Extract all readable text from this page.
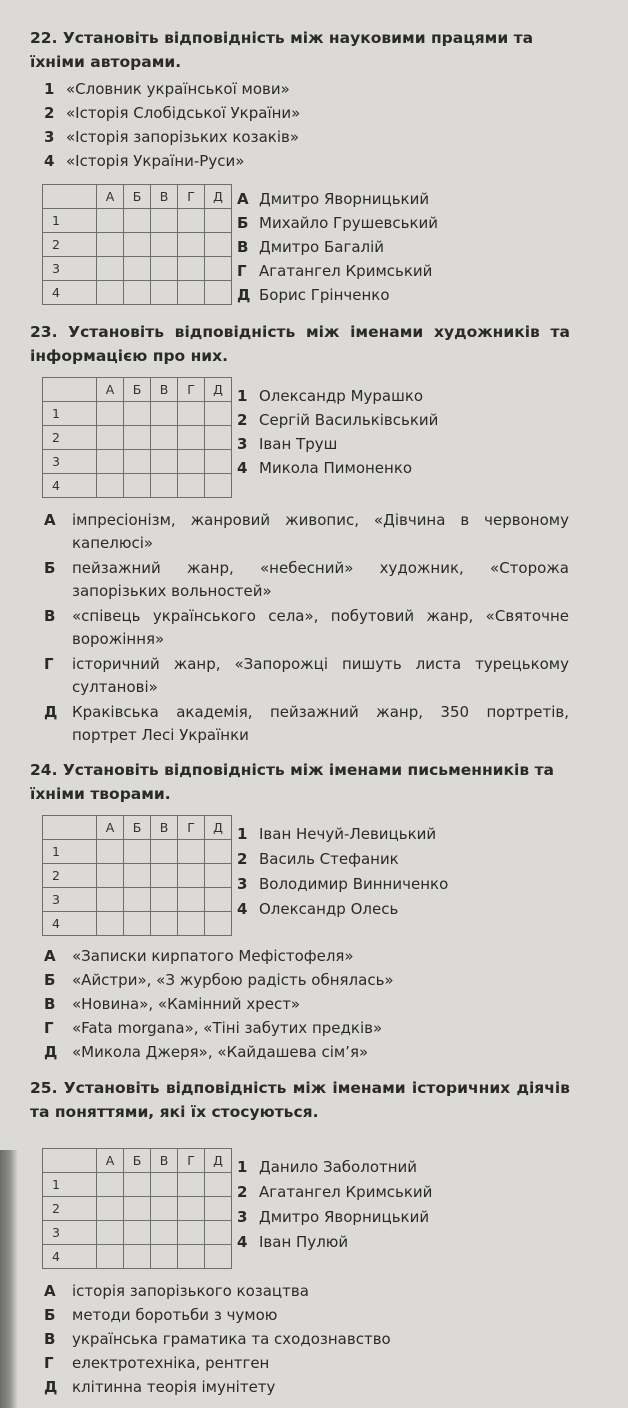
22. Установіть відповідність між науковими працями та їхніми авторами.
1 «Словник української мови»
2 «Історія Слобідської України»
3 «Історія запорізьких козаків»
4 «Історія України-Руси»
	А	Б	В	Г	Д
1					
2					
3					
4					
А Дмитро Яворницький
Б Михайло Грушевський
В Дмитро Багалій
Г Агатангел Кримський
Д Борис Грінченко
23. Установіть відповідність між іменами художників та інформацією про них.
	А	Б	В	Г	Д
1					
2					
3					
4					
1 Олександр Мурашко
2 Сергій Васильківський
3 Іван Труш
4 Микола Пимоненко
А	імпресіонізм, жанровий живопис, «Дівчина в червоному капелюсі»
Б	пейзажний жанр, «небесний» художник, «Сторожа запорізьких вольностей»
В	«співець українського села», побутовий жанр, «Святочне ворожіння»
Г	історичний жанр, «Запорожці пишуть листа турецькому султанові»
Д Краківська академія, пейзажний жанр, 350 портретів, портрет Лесі Українки
24. Установіть відповідність між іменами письменників та їхніми творами.
	А	Б	В	Г	Д
1					
2					
3					
4					
1 Іван Нечуй-Левицький
2 Василь Стефаник
3 Володимир Винниченко
4 Олександр Олесь
А «Записки кирпатого Мефістофеля»
Б «Айстри», «З журбою радість обнялась»
В «Новина», «Камінний хрест»
Г «Fata morgana», «Тіні забутих предків»
Д «Микола Джеря», «Кайдашева сім’я»
25. Установіть відповідність між іменами історичних діячів та поняттями, які їх стосуються.
	А	Б	В	Г	Д
1					
2					
3					
4					
1 Данило Заболотний
2 Агатангел Кримський
3 Дмитро Яворницький
4 Іван Пулюй
А історія запорізького козацтва
Б методи боротьби з чумою
В українська граматика та сходознавство
Г електротехніка, рентген
Д клітинна теорія імунітету
